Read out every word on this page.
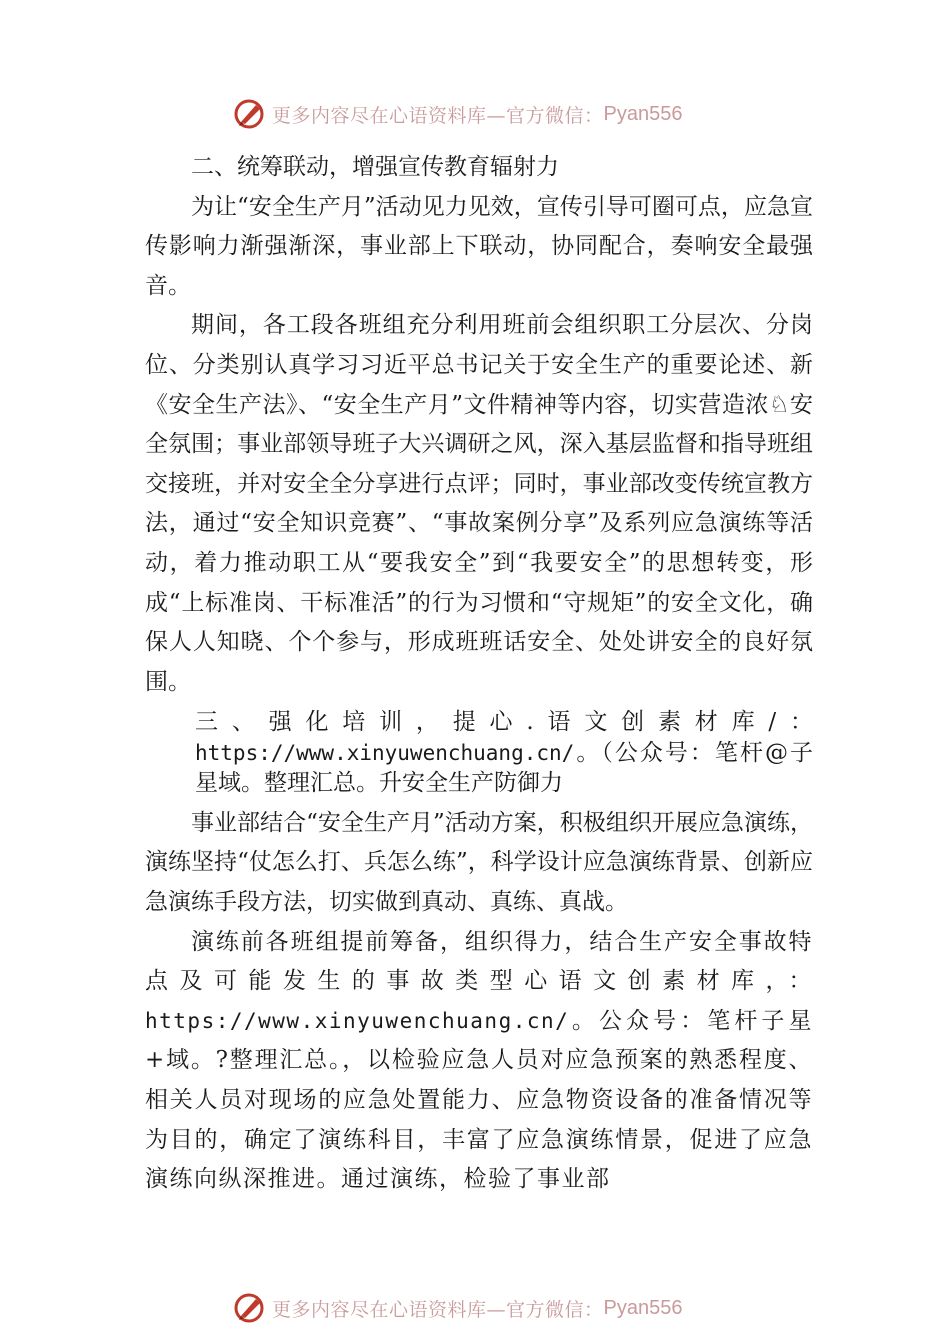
更多内容尽在心语资料库—官方微信： Pyan556

二、统筹联动，增强宣传教育辐射力

为让“安全生产月”活动见力见效，宣传引导可圈可点，应急宣传影响力渐强渐深，事业部上下联动，协同配合，奏响安全最强音。

期间，各工段各班组充分利用班前会组织职工分层次、分岗位、分类别认真学习习近平总书记关于安全生产的重要论述、新《安全生产法》、“安全生产月”文件精神等内容，切实营造浓♘安全氛围；事业部领导班子大兴调研之风，深入基层监督和指导班组交接班，并对安全全分享进行点评；同时，事业部改变传统宣教方法，通过“安全知识竞赛”、“事故案例分享”及系列应急演练等活动，着力推动职工从“要我安全”到“我要安全”的思想转变，形成“上标准岗、干标准活”的行为习惯和“守规矩”的安全文化，确保人人知晓、个个参与，形成班班话安全、处处讲安全的良好氛围。

三、强化培训，提心.语文创素材库/：https://www.xinyuwenchuang.cn/。（公众号：笔杆@子星域。整理汇总。升安全生产防御力

事业部结合“安全生产月”活动方案，积极组织开展应急演练，演练坚持“仗怎么打、兵怎么练”，科学设计应急演练背景、创新应急演练手段方法，切实做到真动、真练、真战。

演练前各班组提前筹备，组织得力，结合生产安全事故特点及可能发生的事故类型心语文创素材库，：https://www.xinyuwenchuang.cn/。公众号：笔杆子星+域。?整理汇总。，以检验应急人员对应急预案的熟悉程度、相关人员对现场的应急处置能力、应急物资设备的准备情况等为目的，确定了演练科目，丰富了应急演练情景，促进了应急演练向纵深推进。通过演练，检验了事业部

更多内容尽在心语资料库—官方微信： Pyan556
